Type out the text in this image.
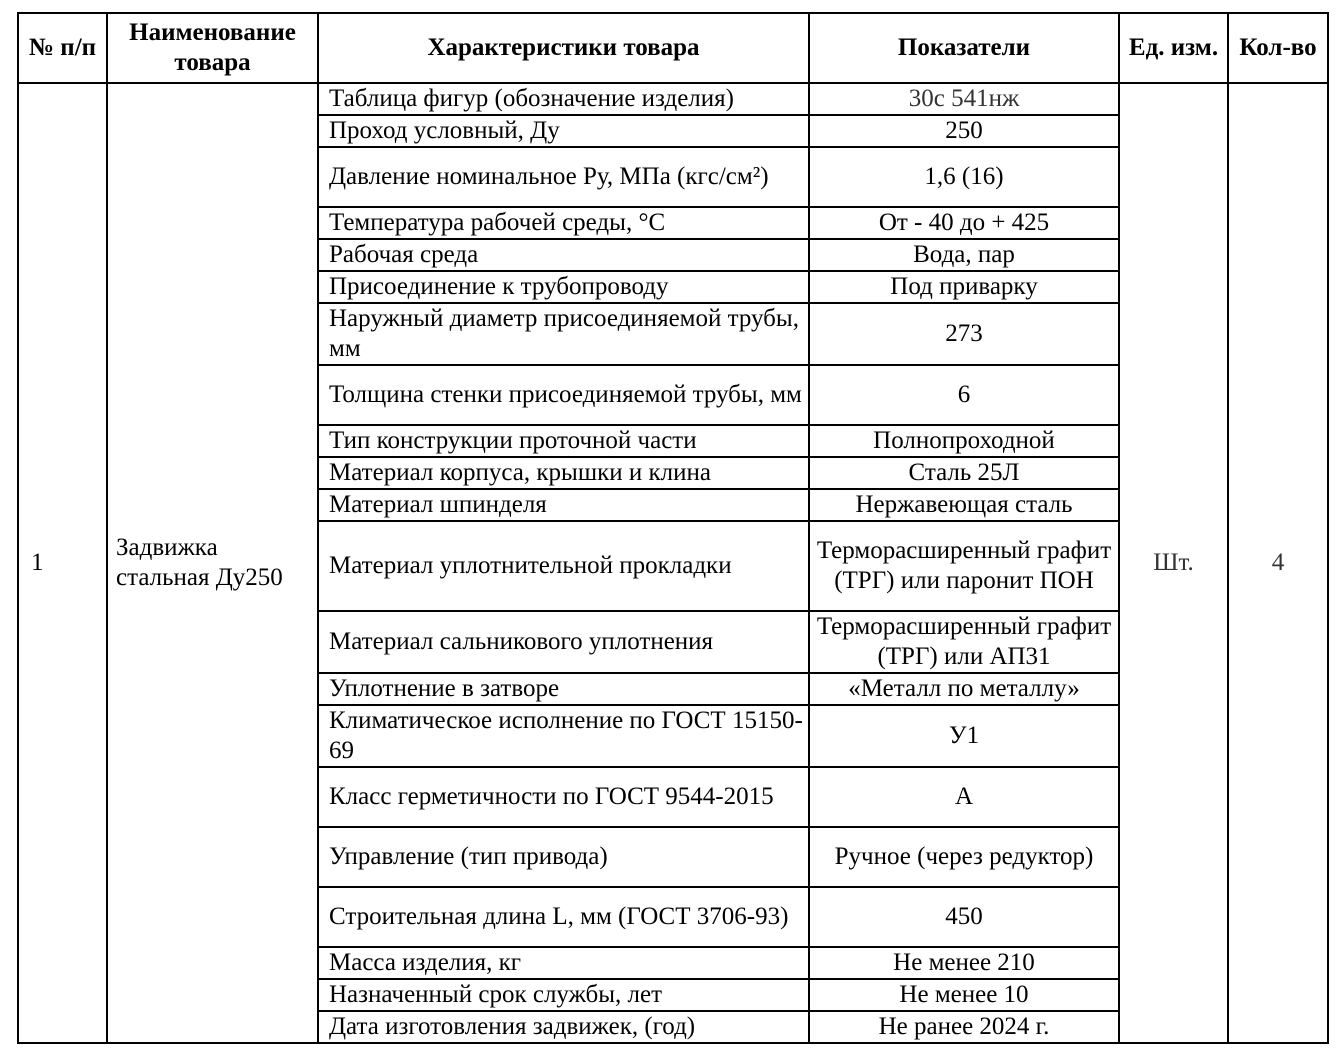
№ п/п	Наименование товара	Характеристики товара	Показатели	Ед. изм.	Кол-во
1	Задвижка стальная Ду250	Таблица фигур (обозначение изделия)	30с 541нж	Шт.	4
		Проход условный, Ду	250		
		Давление номинальное Ру, МПа (кгс/см²)	1,6 (16)		
		Температура рабочей среды, °С	От - 40 до + 425		
		Рабочая среда	Вода, пар		
		Присоединение к трубопроводу	Под приварку		
		Наружный диаметр присоединяемой трубы, мм	273		
		Толщина стенки присоединяемой трубы, мм	6		
		Тип конструкции проточной части	Полнопроходной		
		Материал корпуса, крышки и клина	Сталь 25Л		
		Материал шпинделя	Нержавеющая сталь		
		Материал уплотнительной прокладки	Терморасширенный графит (ТРГ) или паронит ПОН		
		Материал сальникового уплотнения	Терморасширенный графит (ТРГ) или АП31		
		Уплотнение в затворе	«Металл по металлу»		
		Климатическое исполнение по ГОСТ 15150-69	У1		
		Класс герметичности по ГОСТ 9544-2015	А		
		Управление (тип привода)	Ручное (через редуктор)		
		Строительная длина L, мм (ГОСТ 3706-93)	450		
		Масса изделия, кг	Не менее 210		
		Назначенный срок службы, лет	Не менее 10		
		Дата изготовления задвижек, (год)	Не ранее 2024 г.		
